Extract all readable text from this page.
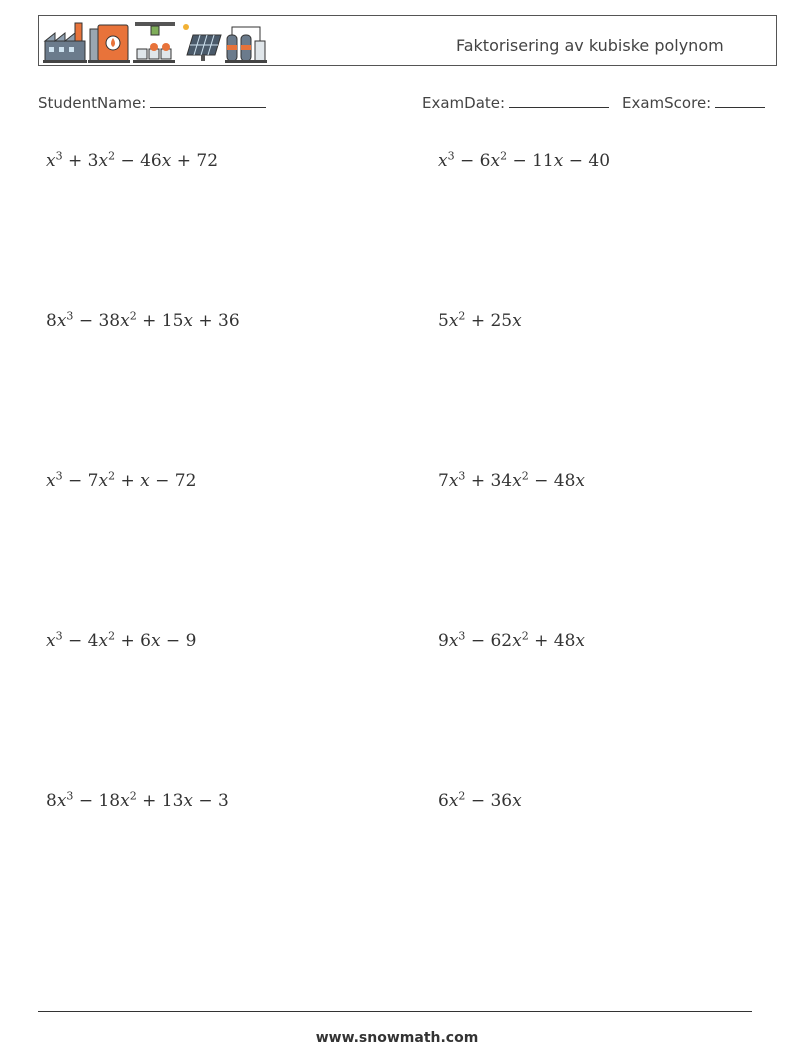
Faktorisering av kubiske polynom
StudentName:	ExamDate:	ExamScore:
$x^3 + 3x^2 - 46x + 72$	$x^3 - 6x^2 - 11x - 40$
$8x^3 - 38x^2 + 15x + 36$	$5x^2 + 25x$
$x^3 - 7x^2 + x - 72$	$7x^3 + 34x^2 - 48x$
$x^3 - 4x^2 + 6x - 9$	$9x^3 - 62x^2 + 48x$
$8x^3 - 18x^2 + 13x - 3$	$6x^2 - 36x$
www.snowmath.com
